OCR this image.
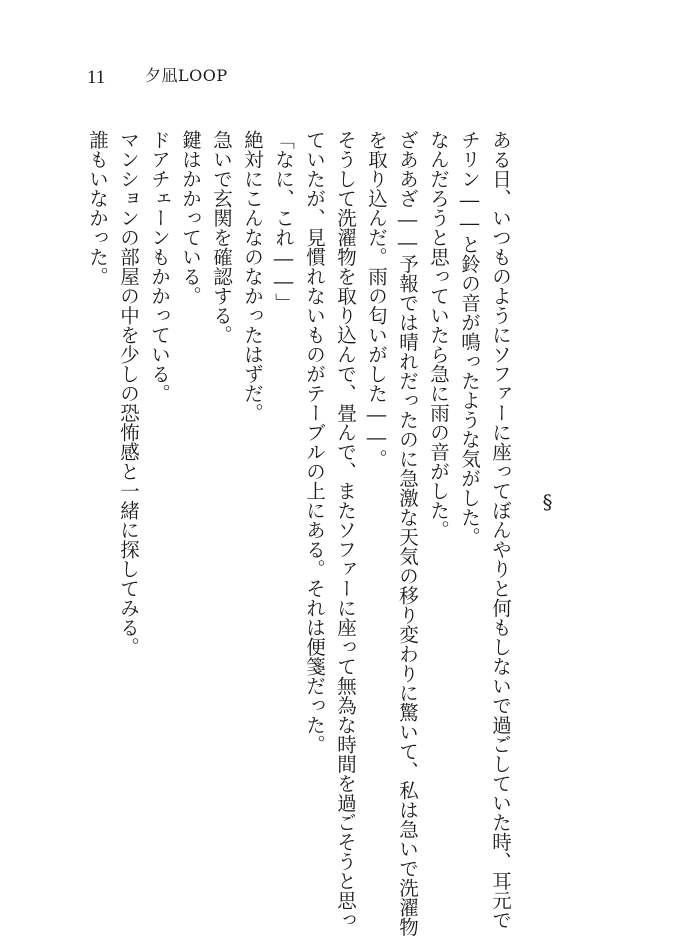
11 夕凪LOOP

§

ある日、いつものようにソファーに座ってぼんやりと何もしないで過ごしていた時、耳元で

チリン――と鈴の音が鳴ったような気がした。

なんだろうと思っていたら急に雨の音がした。

ざああざ――予報では晴れだったのに急激な天気の移り変わりに驚いて、私は急いで洗濯物

を取り込んだ。雨の匂いがした――。

そうして洗濯物を取り込んで、畳んで、またソファーに座って無為な時間を過ごそうと思っ

ていたが、見慣れないものがテーブルの上にある。それは便箋だった。

「なに、これ――」

絶対にこんなのなかったはずだ。

急いで玄関を確認する。

鍵はかかっている。

ドアチェーンもかかっている。

マンションの部屋の中を少しの恐怖感と一緒に探してみる。

誰もいなかった。
